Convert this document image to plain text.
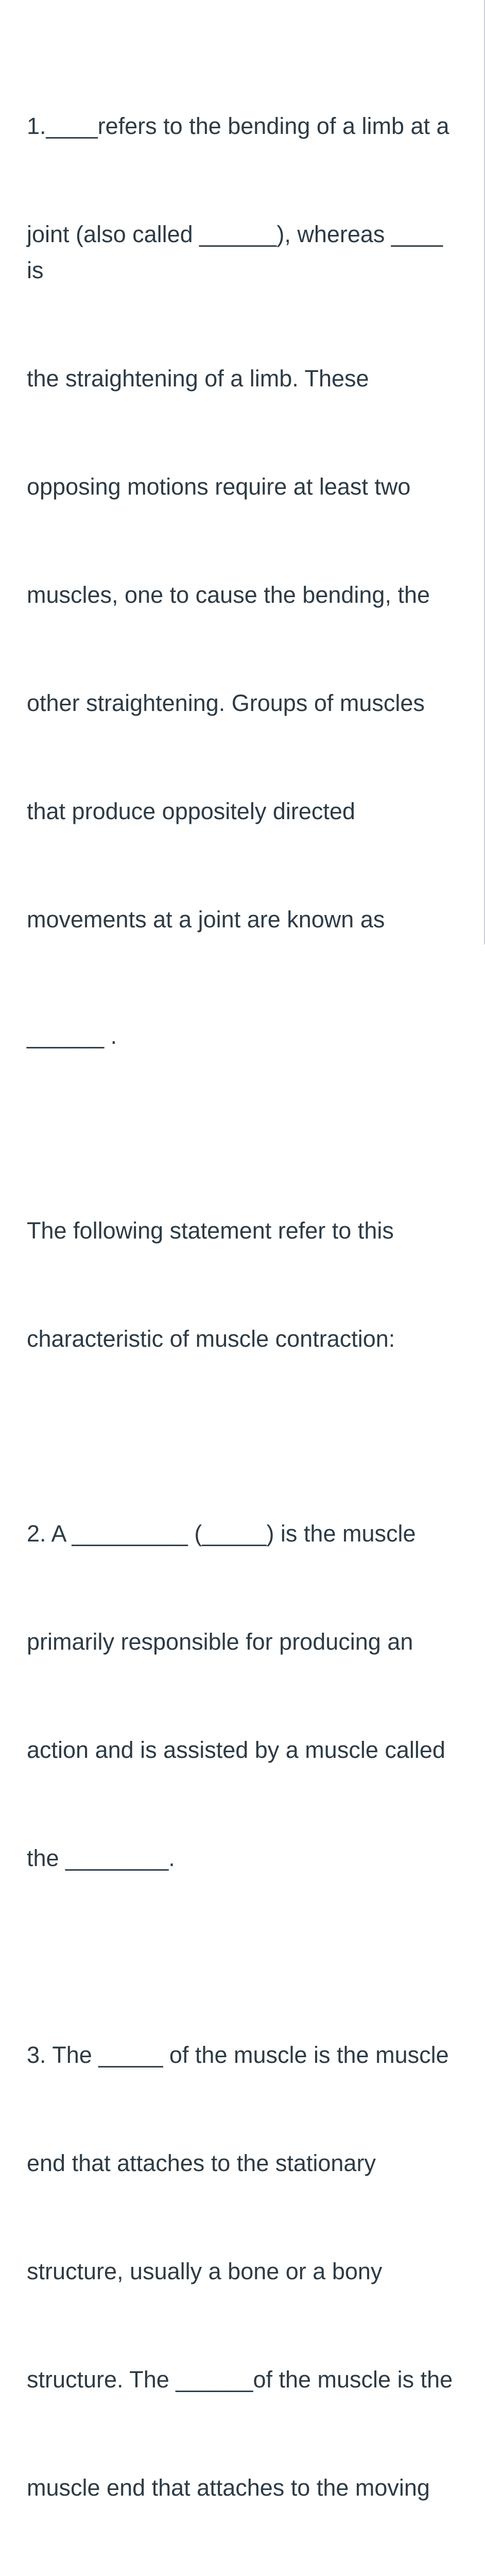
1.____refers to the bending of a limb at a

joint (also called ______), whereas ____ is

the straightening of a limb. These

opposing motions require at least two

muscles, one to cause the bending, the

other straightening. Groups of muscles

that produce oppositely directed

movements at a joint are known as

______ .

The following statement refer to this

characteristic of muscle contraction:

2. A _________ (_____) is the muscle

primarily responsible for producing an

action and is assisted by a muscle called

the ________.

3. The _____ of the muscle is the muscle

end that attaches to the stationary

structure, usually a bone or a bony

structure. The ______of the muscle is the

muscle end that attaches to the moving
